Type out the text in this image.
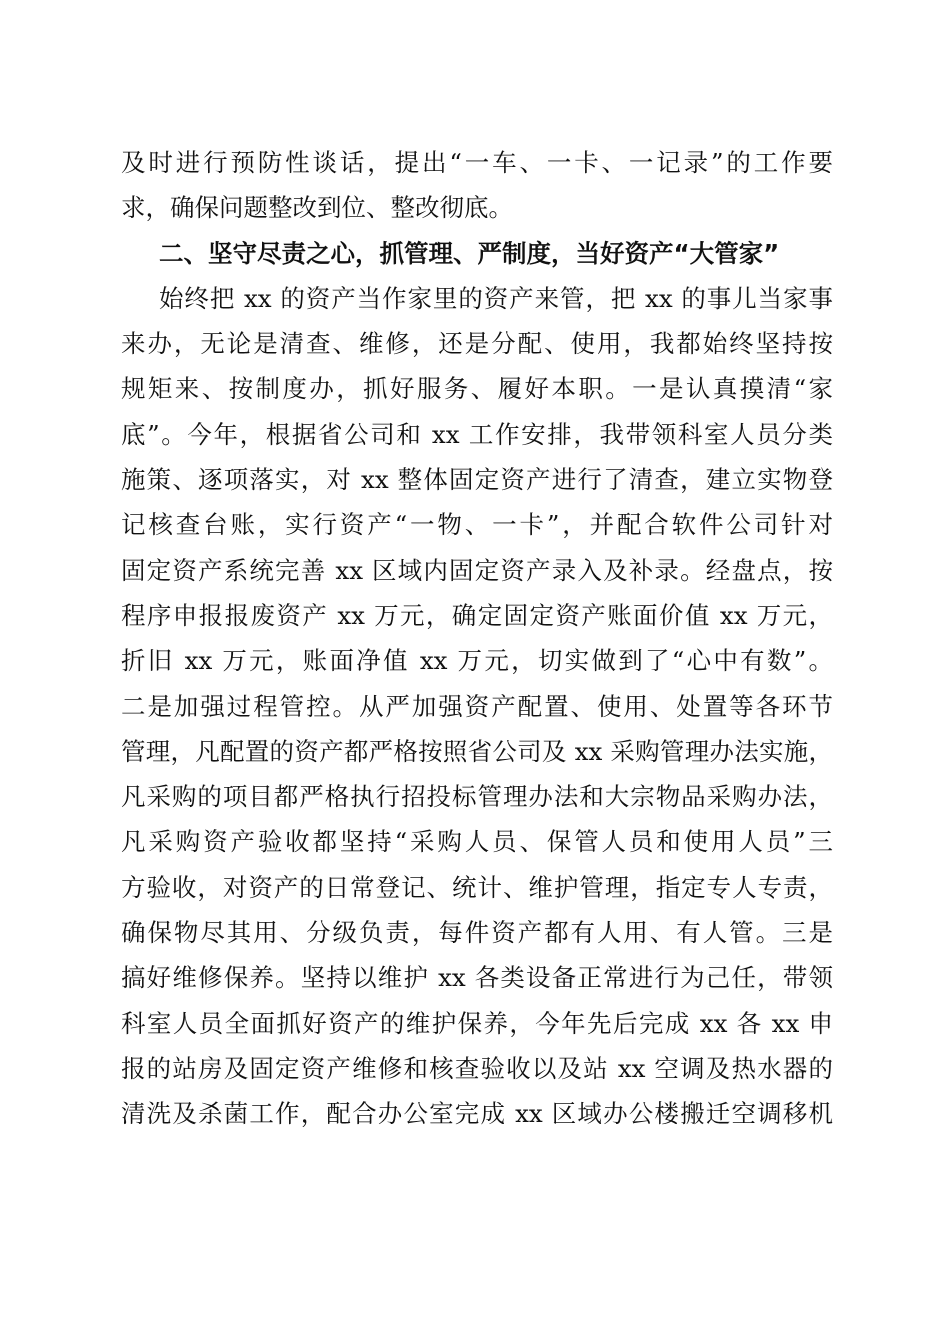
及时进行预防性谈话，提出“一车、一卡、一记录”的工作要
求，确保问题整改到位、整改彻底。
二、坚守尽责之心，抓管理、严制度，当好资产“大管家”
始终把 xx 的资产当作家里的资产来管，把 xx 的事儿当家事
来办，无论是清查、维修，还是分配、使用，我都始终坚持按
规矩来、按制度办，抓好服务、履好本职。一是认真摸清“家
底”。今年，根据省公司和 xx 工作安排，我带领科室人员分类
施策、逐项落实，对 xx 整体固定资产进行了清查，建立实物登
记核查台账，实行资产“一物、一卡”，并配合软件公司针对
固定资产系统完善 xx 区域内固定资产录入及补录。经盘点，按
程序申报报废资产 xx 万元，确定固定资产账面价值 xx 万元，
折旧 xx 万元，账面净值 xx 万元，切实做到了“心中有数”。
二是加强过程管控。从严加强资产配置、使用、处置等各环节
管理，凡配置的资产都严格按照省公司及 xx 采购管理办法实施，
凡采购的项目都严格执行招投标管理办法和大宗物品采购办法，
凡采购资产验收都坚持“采购人员、保管人员和使用人员”三
方验收，对资产的日常登记、统计、维护管理，指定专人专责，
确保物尽其用、分级负责，每件资产都有人用、有人管。三是
搞好维修保养。坚持以维护 xx 各类设备正常进行为己任，带领
科室人员全面抓好资产的维护保养，今年先后完成 xx 各 xx 申
报的站房及固定资产维修和核查验收以及站 xx 空调及热水器的
清洗及杀菌工作，配合办公室完成 xx 区域办公楼搬迁空调移机
